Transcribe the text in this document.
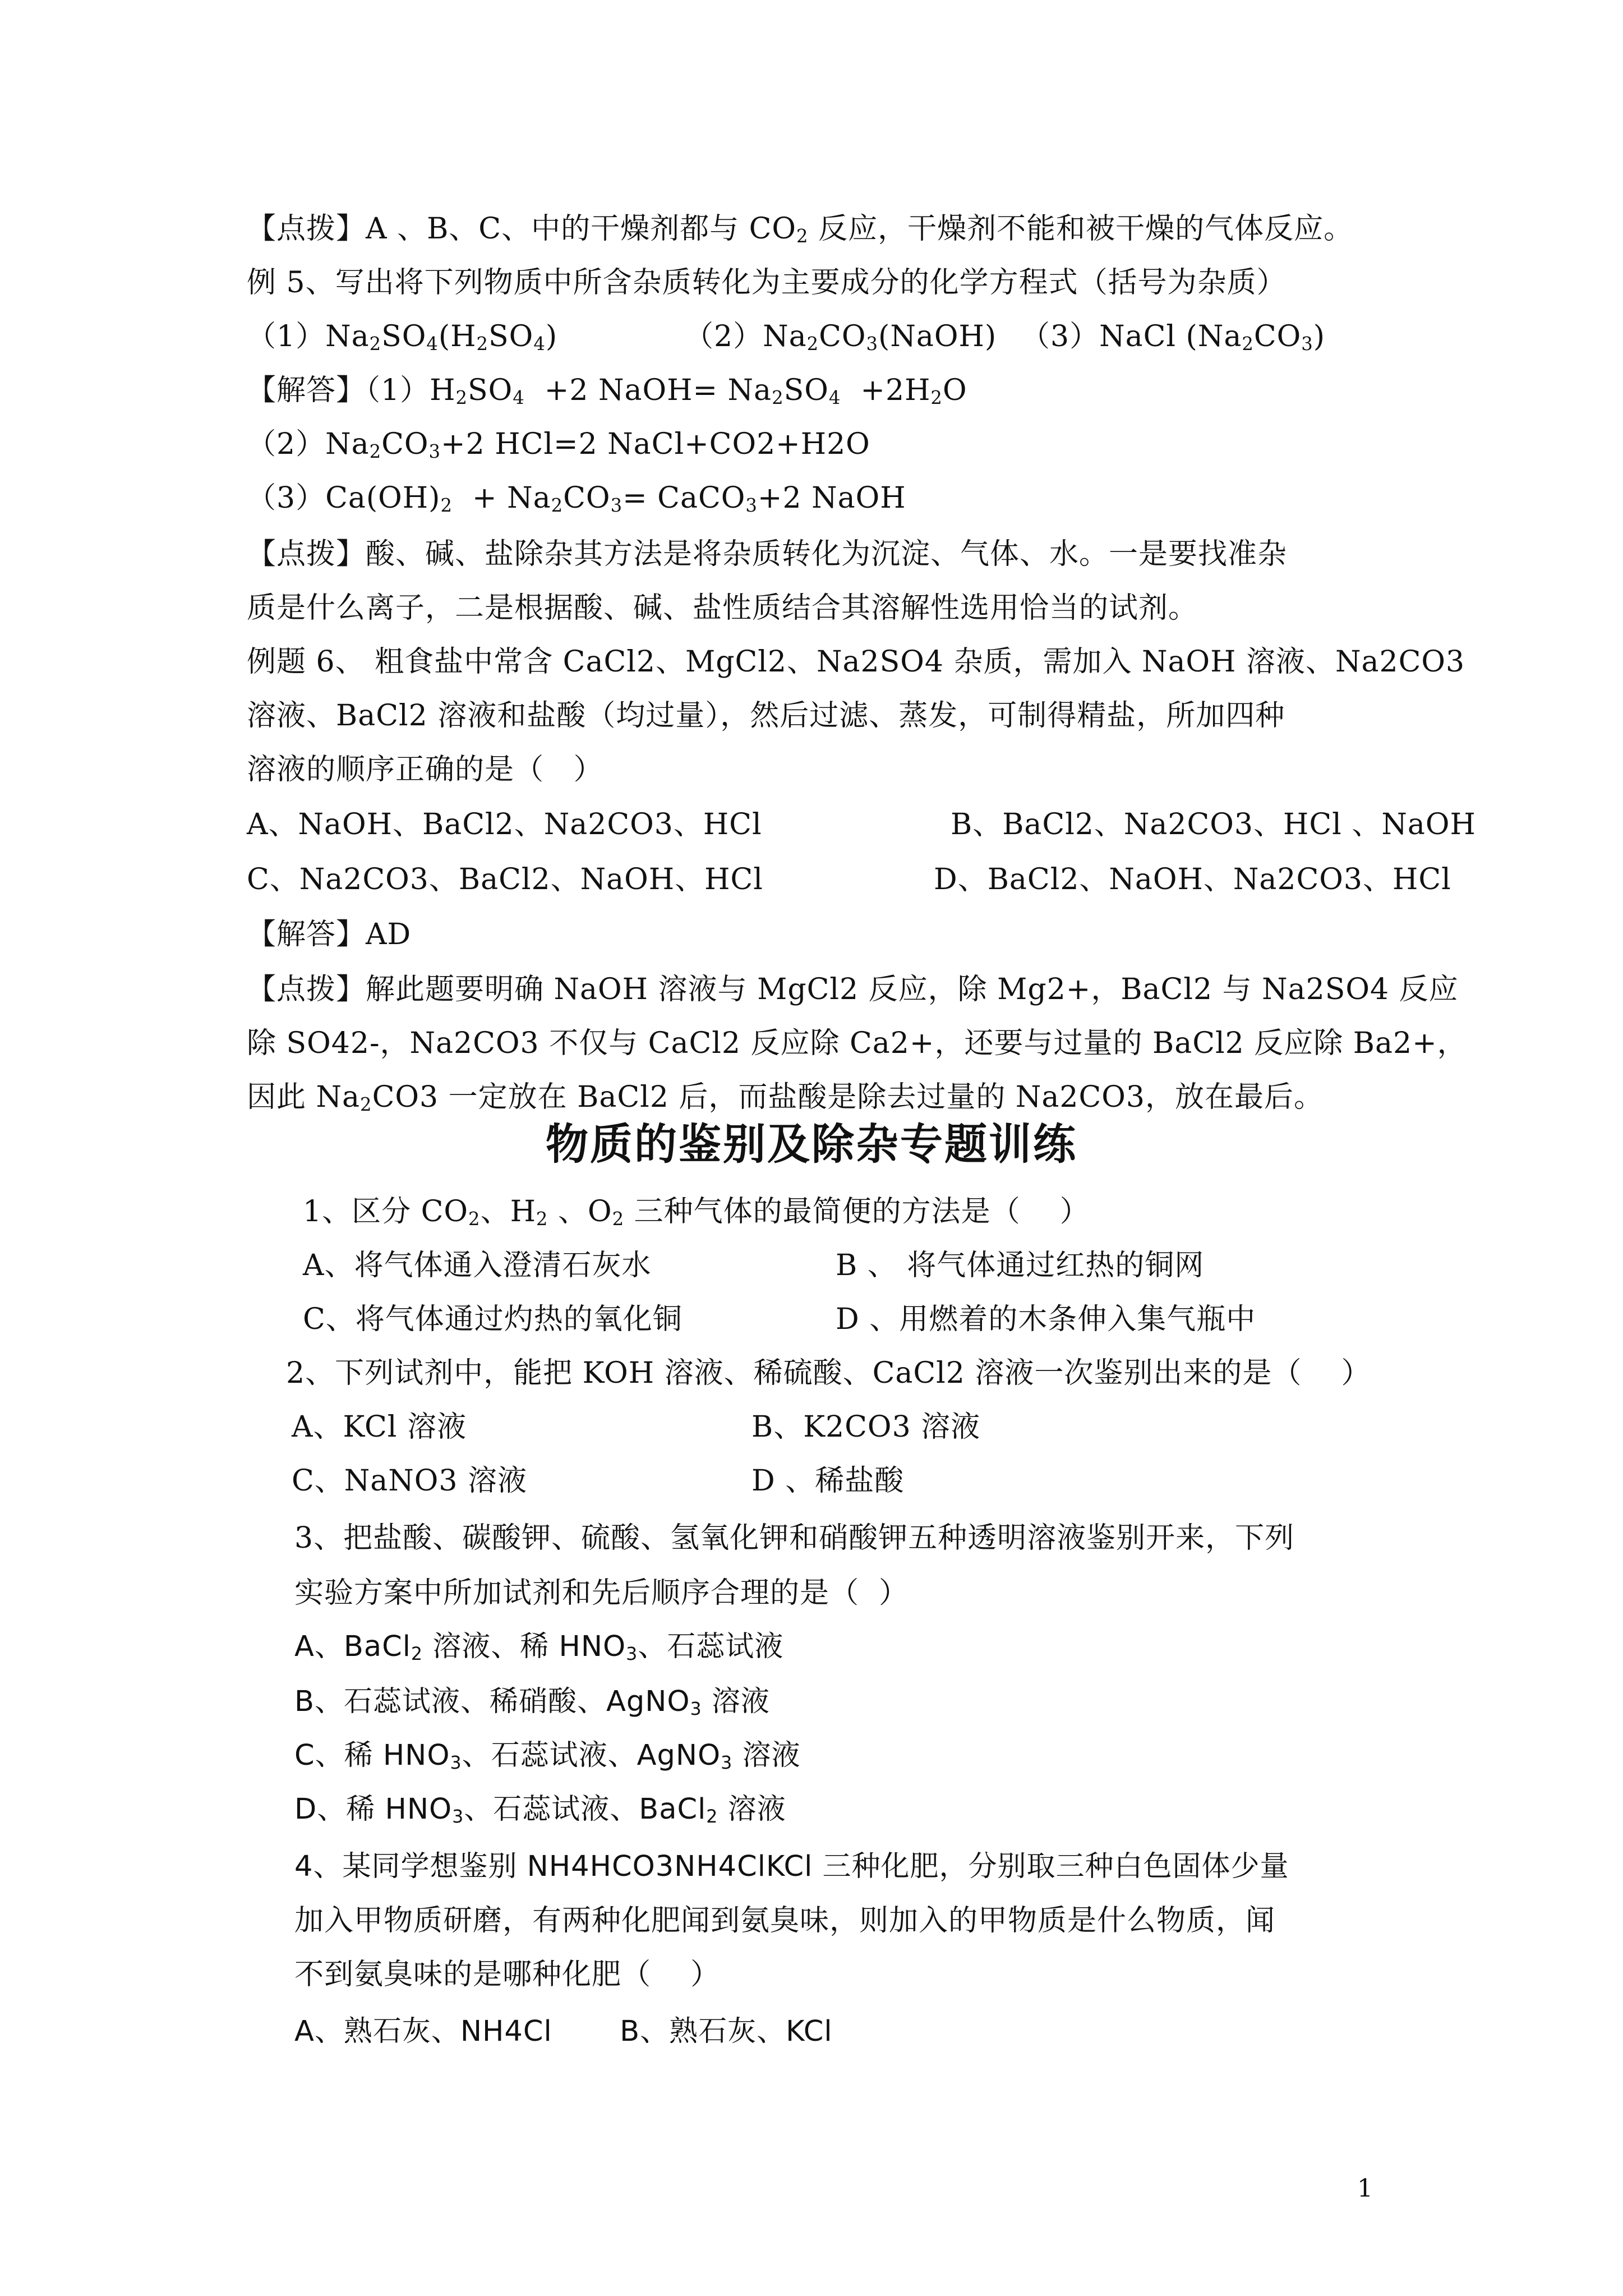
【点拨】A 、B、C、中的干燥剂都与 $CO_2$ 反应，干燥剂不能和被干燥的气体反应。
例 5、写出将下列物质中所含杂质转化为主要成分的化学方程式（括号为杂质）
$(1)Na_2SO_4(H_2SO_4)$	$(2)Na_2CO_3(NaOH)$ （3）NaCl $(Na_2CO_3)$
【解答】$(1)H_2SO_4 +2$ NaOH= $Na_2SO_4 +2H_2O$
$(2)Na_2CO_3+2$ HCl=2 NaCl+CO2+H2O
$(3)Ca(OH)_2 + Na_2CO_3=$ CaCO$_3$+2 NaOH
【点拨】酸、碱、盐除杂其方法是将杂质转化为沉淀、气体、水。一是要找准杂
质是什么离子，二是根据酸、碱、盐性质结合其溶解性选用恰当的试剂。
例题 6、 粗食盐中常含 CaCl2、MgCl2、Na2SO4 杂质，需加入 NaOH 溶液、Na2CO3
溶液、BaCl2 溶液和盐酸（均过量），然后过滤、蒸发，可制得精盐，所加四种
溶液的顺序正确的是（   ）
A、NaOH、BaCl2、Na2CO3、HCl	B、BaCl2、Na2CO3、HCl 、NaOH
C、Na2CO3、BaCl2、NaOH、HCl	D、BaCl2、NaOH、Na2CO3、HCl
【解答】AD
【点拨】解此题要明确 NaOH 溶液与 MgCl2 反应，除 Mg2+，BaCl2 与 Na2SO4 反应
除 SO42-，Na2CO3 不仅与 CaCl2 反应除 Ca2+，还要与过量的 BaCl2 反应除 Ba2+，
因此 $Na_2CO3$ 一定放在 BaCl2 后，而盐酸是除去过量的 Na2CO3，放在最后。
物质的鉴别及除杂专题训练
1、区分 $CO_2$、$H_2$ 、$O_2$ 三种气体的最简便的方法是（    ）
A、将气体通入澄清石灰水	B 、 将气体通过红热的铜网
C、将气体通过灼热的氧化铜	D 、用燃着的木条伸入集气瓶中
2、下列试剂中，能把 KOH 溶液、稀硫酸、CaCl2 溶液一次鉴别出来的是（    ）
A、KCl 溶液	B、K2CO3 溶液
C、NaNO3 溶液	D 、稀盐酸
3、把盐酸、碳酸钾、硫酸、氢氧化钾和硝酸钾五种透明溶液鉴别开来，下列
实验方案中所加试剂和先后顺序合理的是（  ）
A、BaCl$_2$ 溶液、稀 $HNO_3$、石蕊试液
B、石蕊试液、稀硝酸、AgNO$_3$ 溶液
C、稀 $HNO_3$、石蕊试液、AgNO$_3$ 溶液
D、稀 $HNO_3$、石蕊试液、BaCl$_2$ 溶液
4、某同学想鉴别 NH4HCO3NH4ClKCl 三种化肥，分别取三种白色固体少量
加入甲物质研磨，有两种化肥闻到氨臭味，则加入的甲物质是什么物质，闻
不到氨臭味的是哪种化肥（    ）
A、熟石灰、NH4Cl       B、熟石灰、KCl
1
